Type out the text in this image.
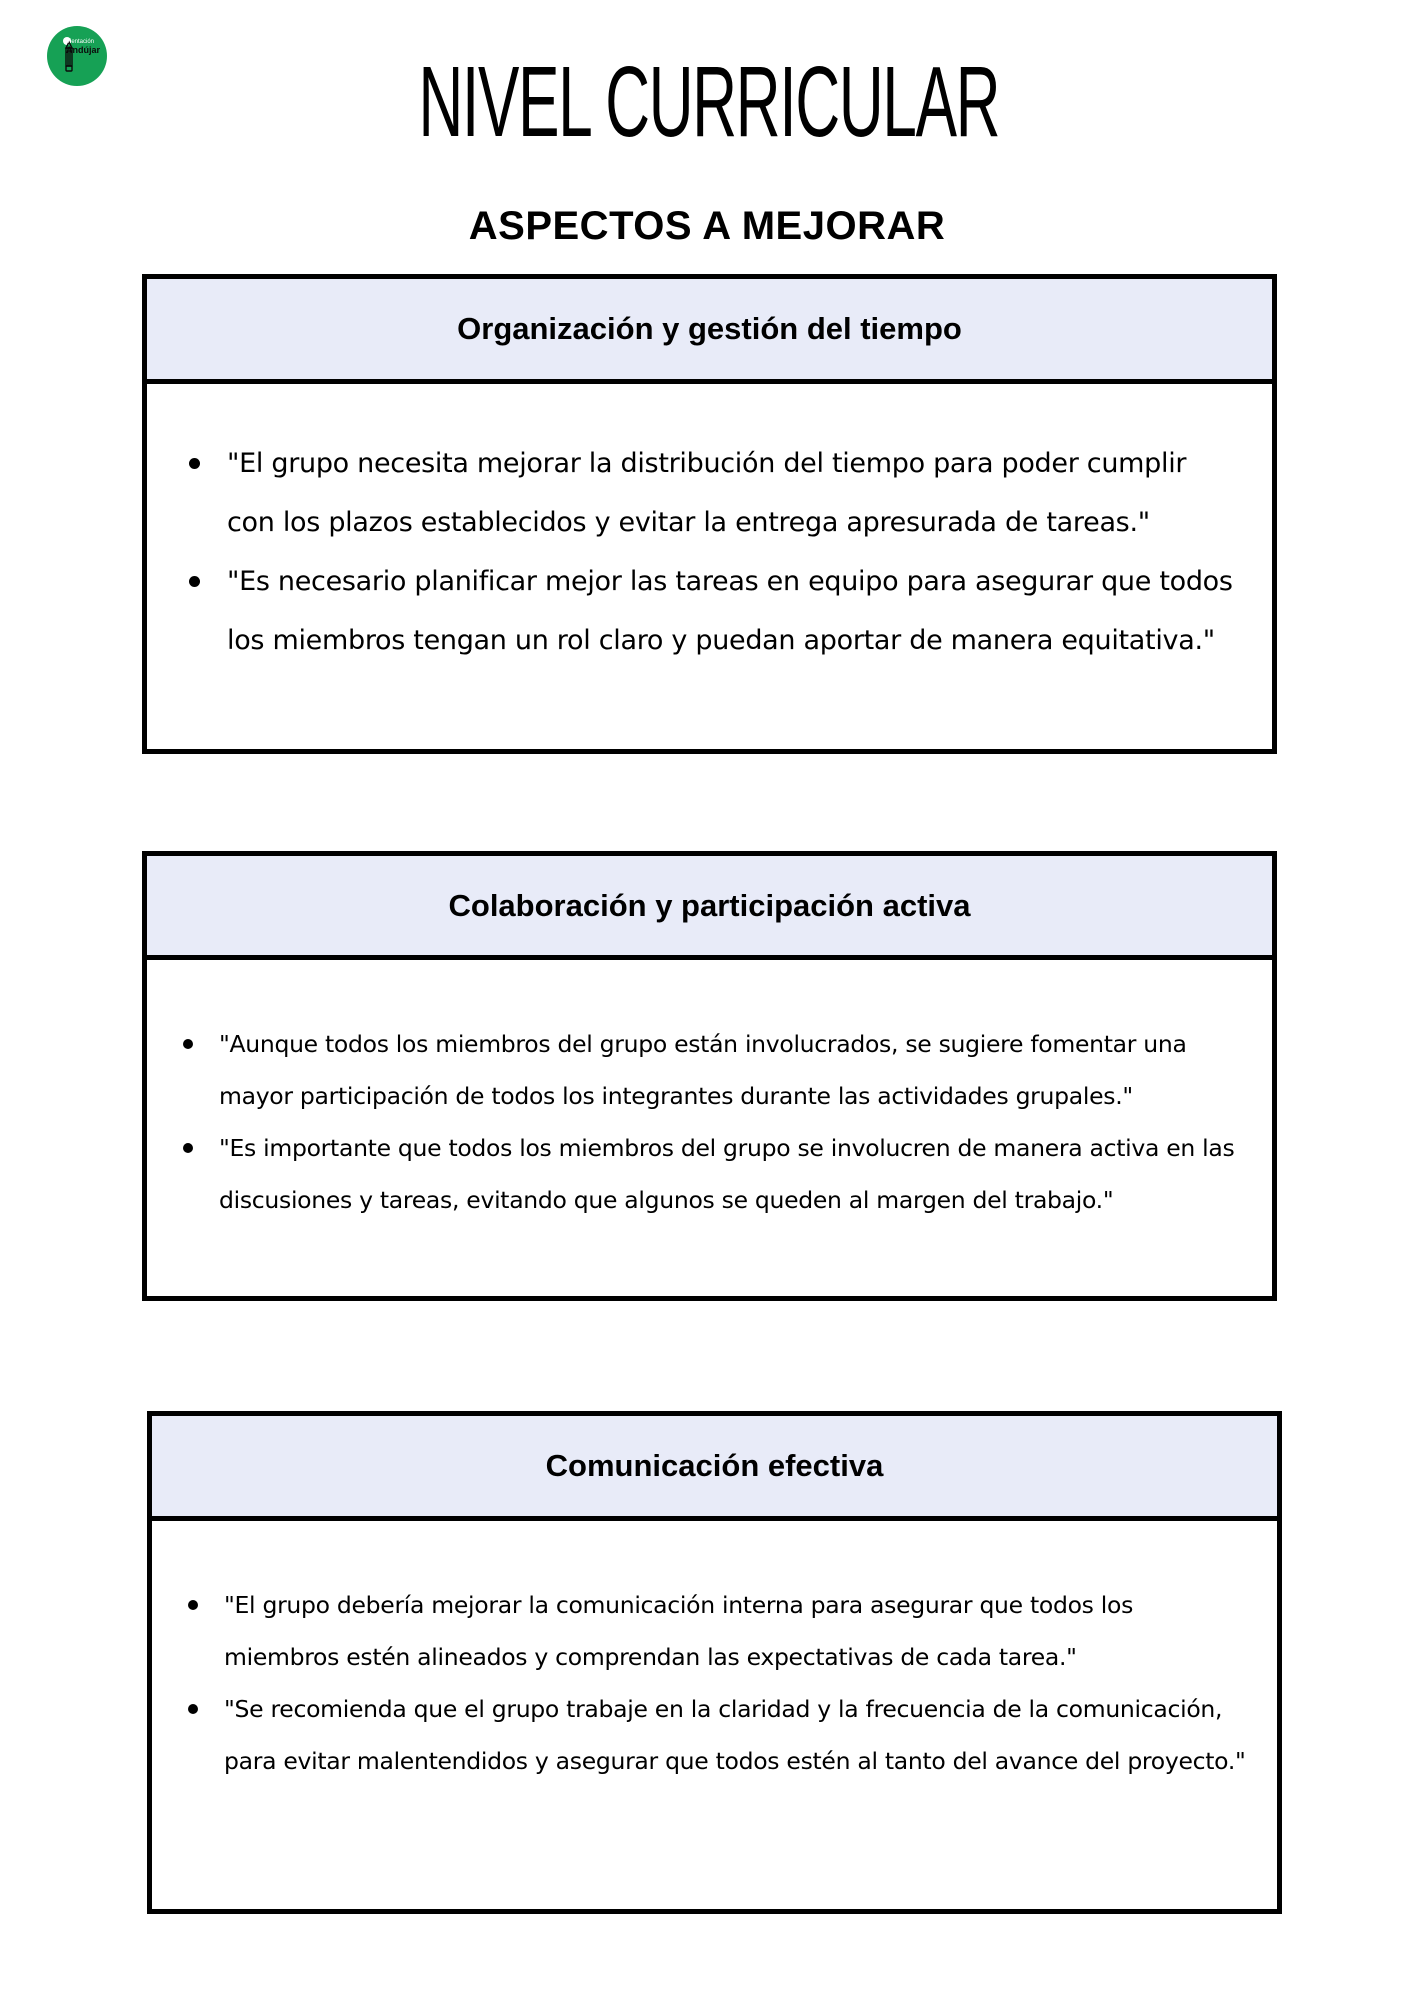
rientación
Andújar	NIVEL CURRICULAR
ASPECTOS A MEJORAR
Organización y gestión del tiempo
"El grupo necesita mejorar la distribución del tiempo para poder cumplir con los plazos establecidos y evitar la entrega apresurada de tareas."
"Es necesario planificar mejor las tareas en equipo para asegurar que todos los miembros tengan un rol claro y puedan aportar de manera equitativa."
Colaboración y participación activa
"Aunque todos los miembros del grupo están involucrados, se sugiere fomentar una mayor participación de todos los integrantes durante las actividades grupales."
"Es importante que todos los miembros del grupo se involucren de manera activa en las discusiones y tareas, evitando que algunos se queden al margen del trabajo."
Comunicación efectiva
"El grupo debería mejorar la comunicación interna para asegurar que todos los miembros estén alineados y comprendan las expectativas de cada tarea."
"Se recomienda que el grupo trabaje en la claridad y la frecuencia de la comunicación, para evitar malentendidos y asegurar que todos estén al tanto del avance del proyecto."
